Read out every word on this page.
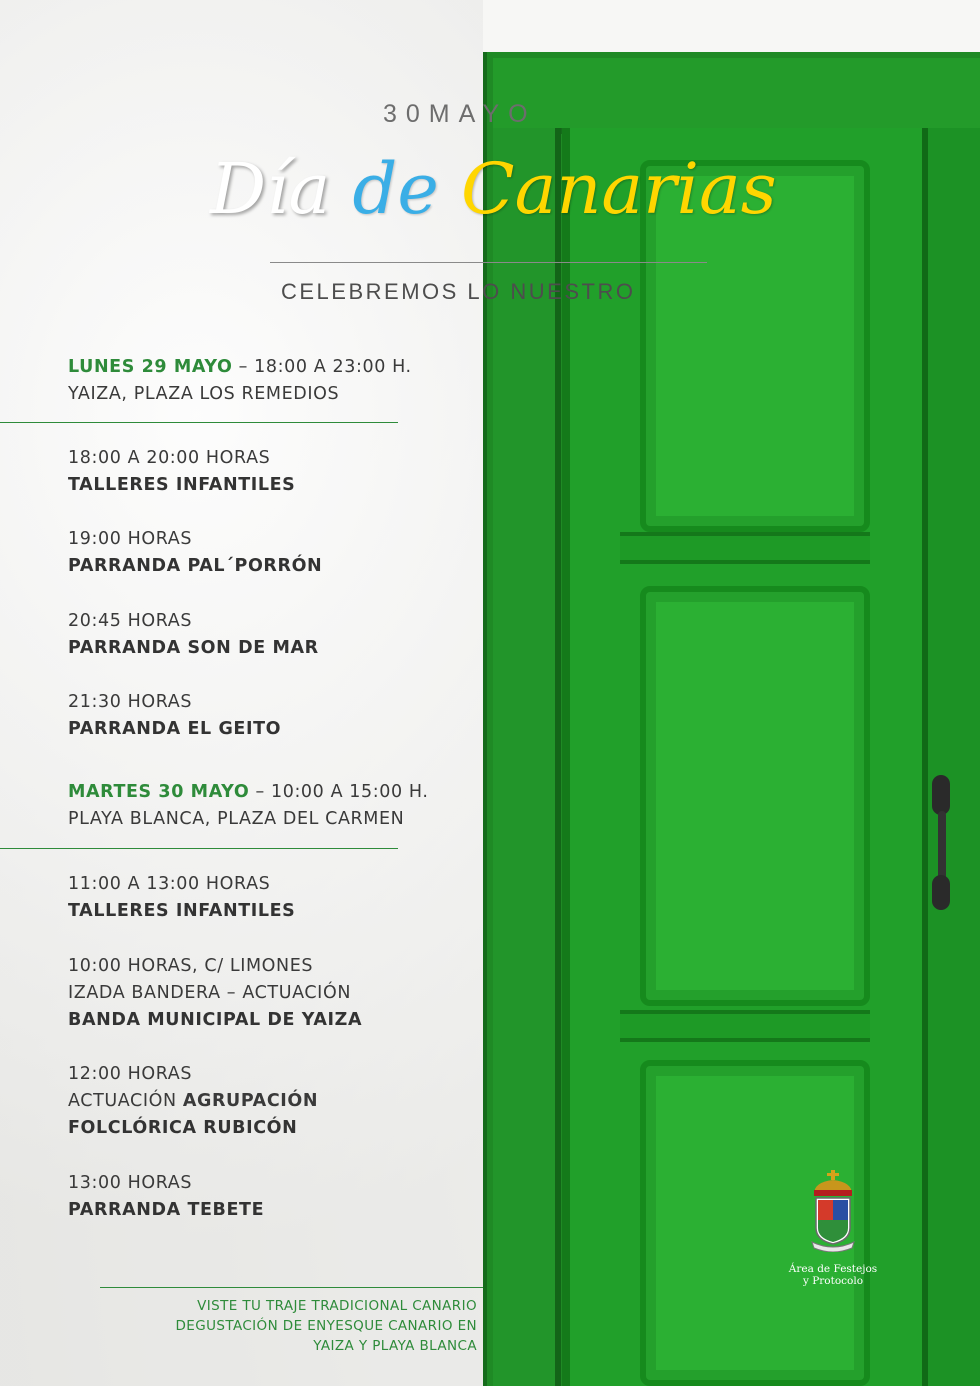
30MAYO
Día de Canarias
CELEBREMOS LO NUESTRO
LUNES 29 MAYO – 18:00 A 23:00 H.
YAIZA, PLAZA LOS REMEDIOS
18:00 A 20:00 HORAS
TALLERES INFANTILES
19:00 HORAS
PARRANDA PAL´PORRÓN
20:45 HORAS
PARRANDA SON DE MAR
21:30 HORAS
PARRANDA EL GEITO
MARTES 30 MAYO – 10:00 A 15:00 H.
PLAYA BLANCA, PLAZA DEL CARMEN
11:00 A 13:00 HORAS
TALLERES INFANTILES
10:00 HORAS, C/ LIMONES
IZADA BANDERA – ACTUACIÓN
BANDA MUNICIPAL DE YAIZA
12:00 HORAS
ACTUACIÓN AGRUPACIÓN
FOLCLÓRICA RUBICÓN
13:00 HORAS
PARRANDA TEBETE
VISTE TU TRAJE TRADICIONAL CANARIO
DEGUSTACIÓN DE ENYESQUE CANARIO EN
YAIZA Y PLAYA BLANCA
Área de Festejos
y Protocolo
